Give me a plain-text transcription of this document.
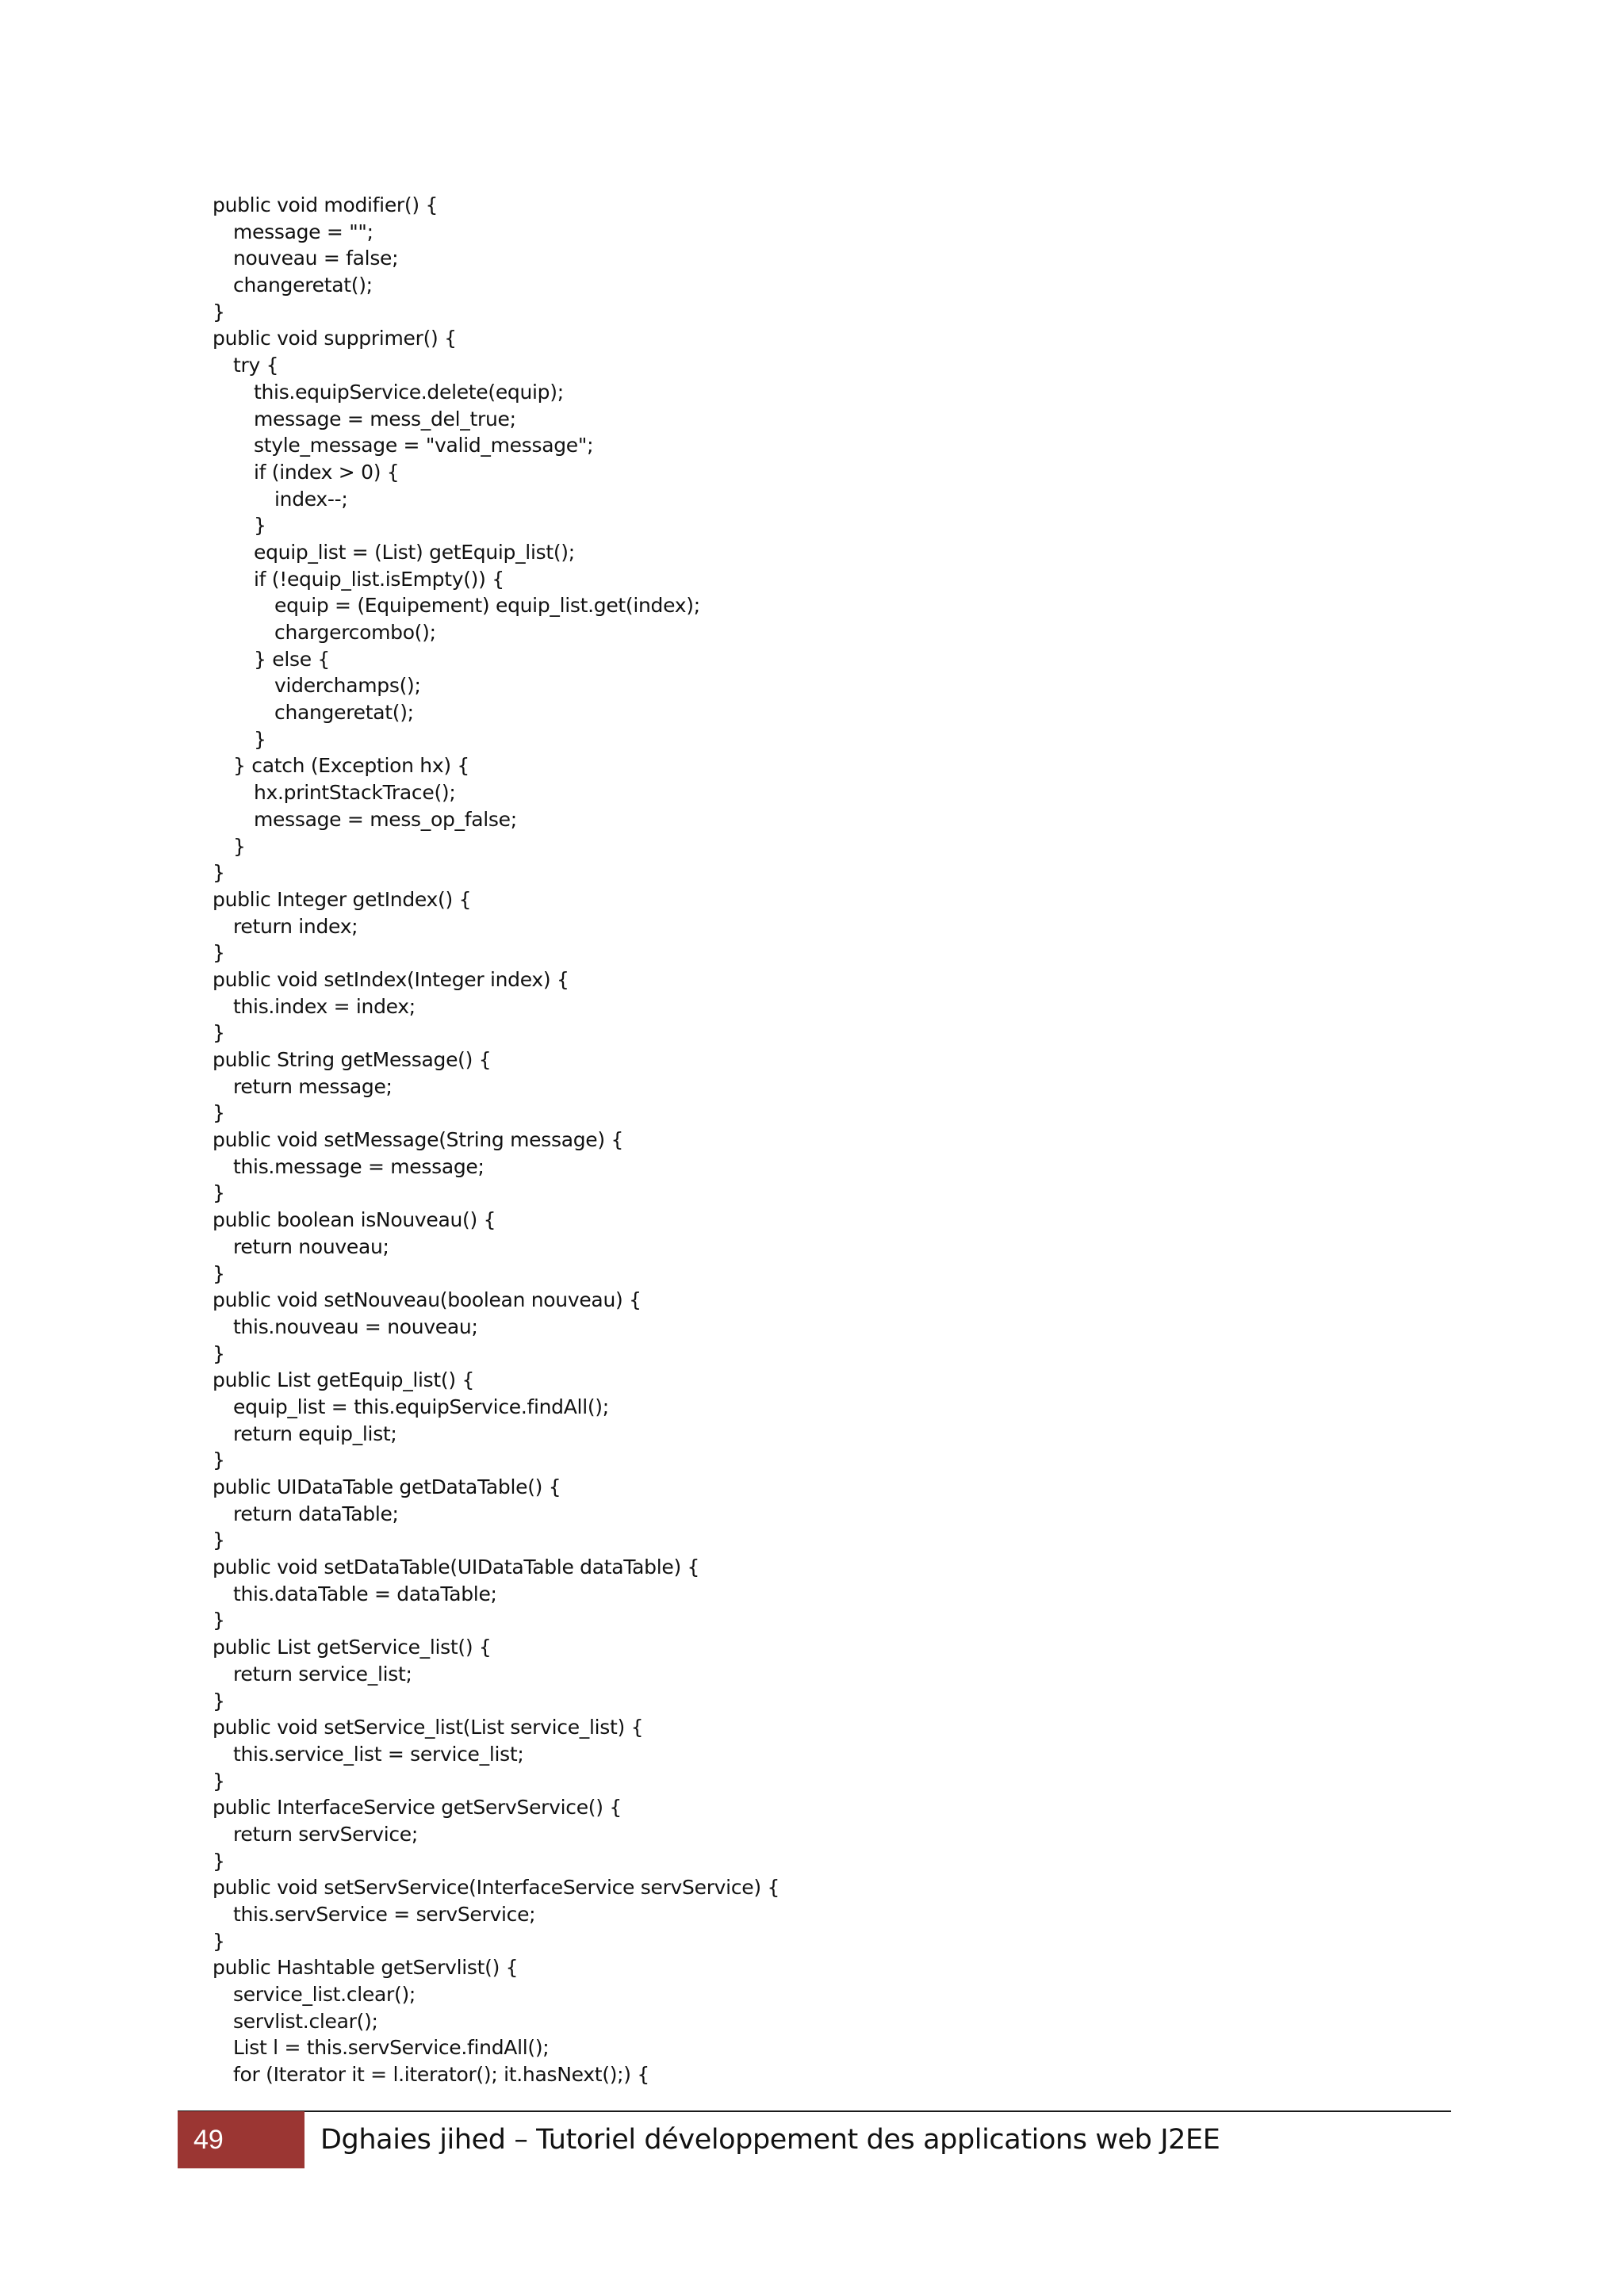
public void modifier() {
message = "";
nouveau = false;
changeretat();
}
public void supprimer() {
try {
this.equipService.delete(equip);
message = mess_del_true;
style_message = "valid_message";
if (index > 0) {
index--;
}
equip_list = (List) getEquip_list();
if (!equip_list.isEmpty()) {
equip = (Equipement) equip_list.get(index);
chargercombo();
} else {
viderchamps();
changeretat();
}
} catch (Exception hx) {
hx.printStackTrace();
message = mess_op_false;
}
}
public Integer getIndex() {
return index;
}
public void setIndex(Integer index) {
this.index = index;
}
public String getMessage() {
return message;
}
public void setMessage(String message) {
this.message = message;
}
public boolean isNouveau() {
return nouveau;
}
public void setNouveau(boolean nouveau) {
this.nouveau = nouveau;
}
public List getEquip_list() {
equip_list = this.equipService.findAll();
return equip_list;
}
public UIDataTable getDataTable() {
return dataTable;
}
public void setDataTable(UIDataTable dataTable) {
this.dataTable = dataTable;
}
public List getService_list() {
return service_list;
}
public void setService_list(List service_list) {
this.service_list = service_list;
}
public InterfaceService getServService() {
return servService;
}
public void setServService(InterfaceService servService) {
this.servService = servService;
}
public Hashtable getServlist() {
service_list.clear();
servlist.clear();
List l = this.servService.findAll();
for (Iterator it = l.iterator(); it.hasNext();) {
49	Dghaies jihed – Tutoriel développement des applications web J2EE
